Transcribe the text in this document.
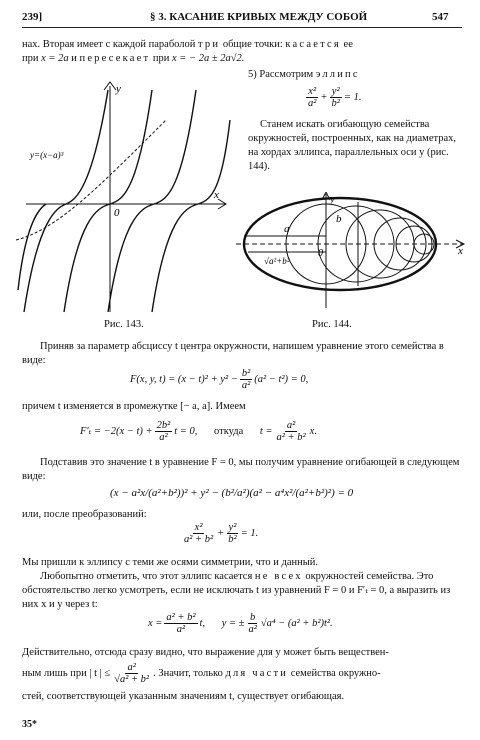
239]	§ 3. КАСАНИЕ КРИВЫХ МЕЖДУ СОБОЙ	547
нах. Вторая имеет с каждой параболой три общие точки: касается ее
при x = 2a и пересекает при x = − 2a ± 2a√2.
y
x
0
y=(x−a)³
Рис. 143.
5) Рассмотрим эллипс
$\frac{\text{x²}}{\text{a²}} + \frac{\text{y²}}{\text{b²}} = 1$.
Станем искать огибающую семейства окружностей, построенных, как на диаметрах, на хордах эллипса, параллельных оси y (рис. 144).
y
x
a
b
0
√a²+b²
Рис. 144.

Приняв за параметр абсциссу t центра окружности, напишем уравнение этого семейства в виде:

F(x, y, $t) = (x - t)^2 + y^2 - \frac{\text{b²}}{\text{a²}} (a^2 - t^2) = 0$,

причем t изменяется в промежутке [− a, a]. Имеем

$F'_t = -2(x - t) + \frac{\text{2b²}}{\text{a²}}$ t = 0, откуда $t = \frac{\text{a²}}{\text{a² + b²}} x$.

Подставив это значение t в уравнение F = 0, мы получим уравнение огибающей в следующем виде:

(x − a²x/(a²+b²))² + y² − (b²/a²)(a² − a⁴x²/(a²+b²)²) = 0

или, после преобразований:

$\frac{\text{x²}}{\text{a² + b²}} + \frac{\text{y²}}{\text{b²}} = 1$.

Мы пришли к эллипсу с теми же осями симметрии, что и данный.

Любопытно отметить, что этот эллипс касается не всех окружностей семейства. Это обстоятельство легко усмотреть, если не исключать t из уравнений F = 0 и F′ₜ = 0, а выразить из них x и y через t:

$x = \frac{\text{a² + b²}}{\text{a²}} t$, y = ± $\frac{b}{\text{a²}} √a^4 - (a^2 + b^2)t^2$.

Действительно, отсюда сразу видно, что выражение для y может быть веществен-

ным лишь при | t | ≤ $\frac{\text{a²}}{\text{√a² + b²}}$ . Значит, только для части семейства окружно-

стей, соответствующей указанным значениям t, существует огибающая.

35*
